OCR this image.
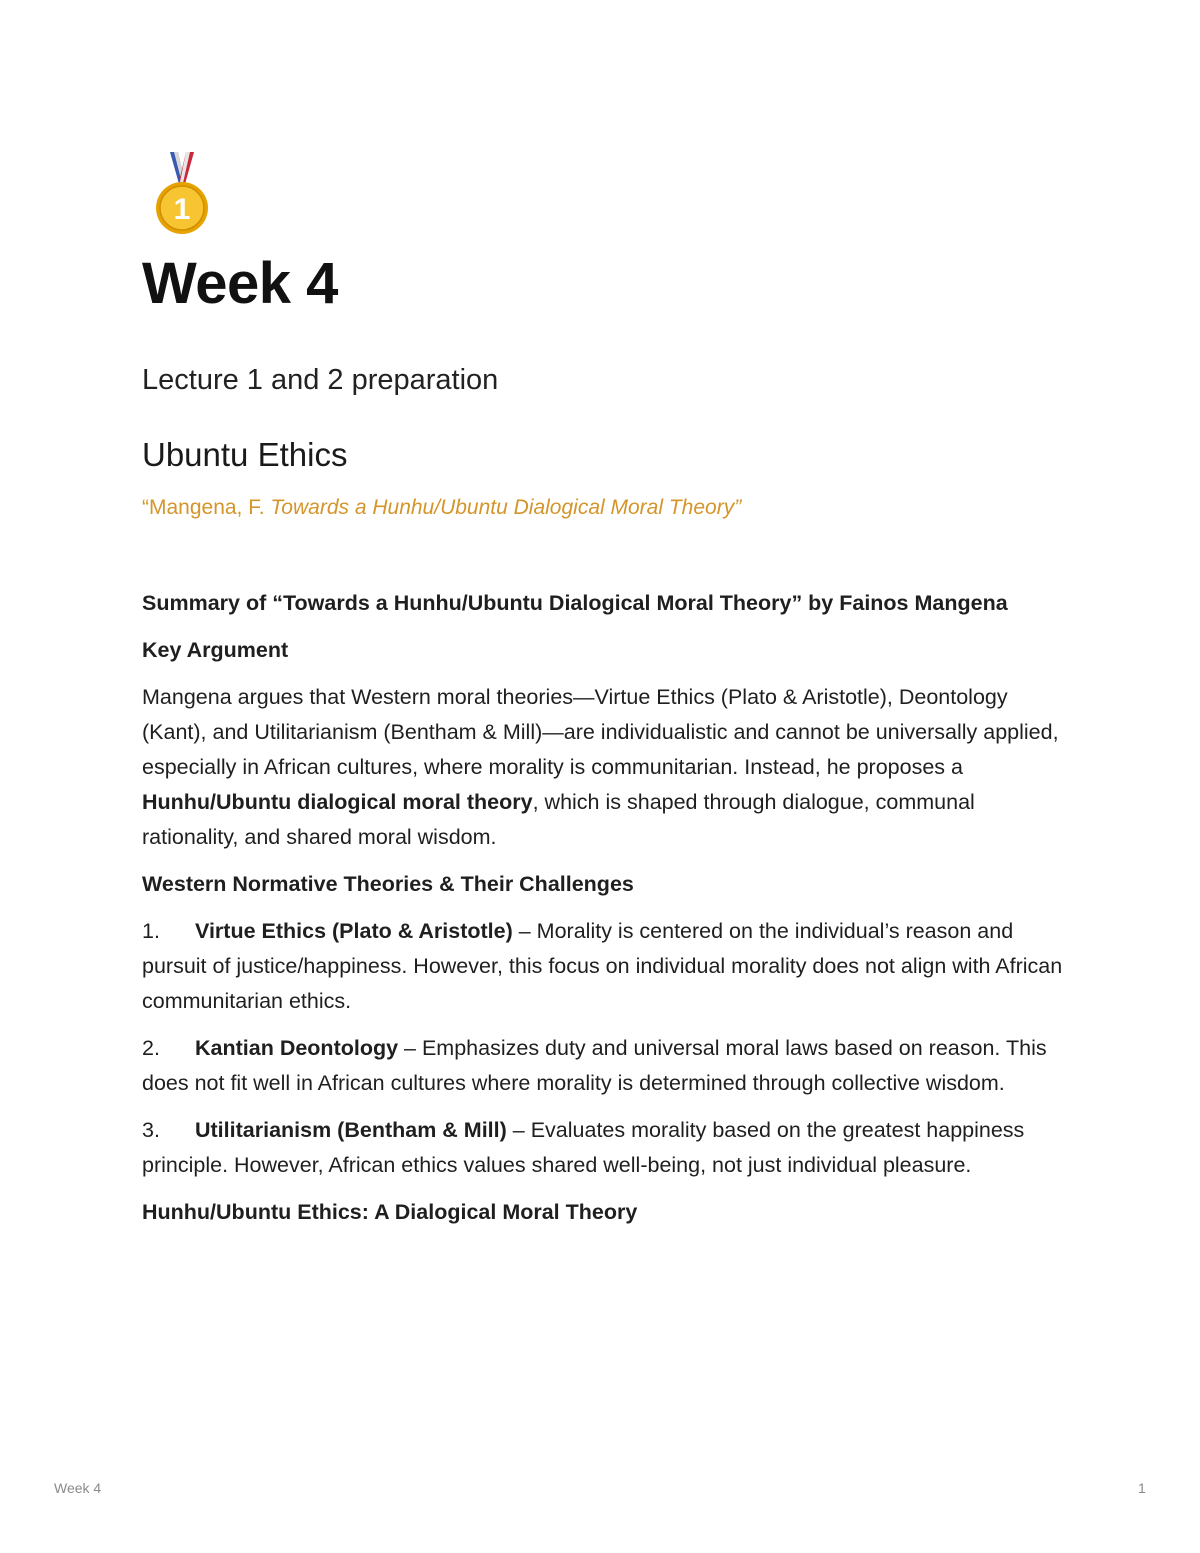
1
Week 4
Lecture 1 and 2 preparation
Ubuntu Ethics

“Mangena, F. Towards a Hunhu/Ubuntu Dialogical Moral Theory”

Summary of “Towards a Hunhu/Ubuntu Dialogical Moral Theory” by Fainos Mangena

Key Argument

Mangena argues that Western moral theories—Virtue Ethics (Plato & Aristotle), Deontology (Kant), and Utilitarianism (Bentham & Mill)—are individualistic and cannot be universally applied, especially in African cultures, where morality is communitarian. Instead, he proposes a Hunhu/Ubuntu dialogical moral theory, which is shaped through dialogue, communal rationality, and shared moral wisdom.

Western Normative Theories & Their Challenges

1. Virtue Ethics (Plato & Aristotle) – Morality is centered on the individual’s reason and pursuit of justice/happiness. However, this focus on individual morality does not align with African communitarian ethics.
2. Kantian Deontology – Emphasizes duty and universal moral laws based on reason. This does not fit well in African cultures where morality is determined through collective wisdom.
3. Utilitarianism (Bentham & Mill) – Evaluates morality based on the greatest happiness principle. However, African ethics values shared well-being, not just individual pleasure.

Hunhu/Ubuntu Ethics: A Dialogical Moral Theory

Week 4	1
